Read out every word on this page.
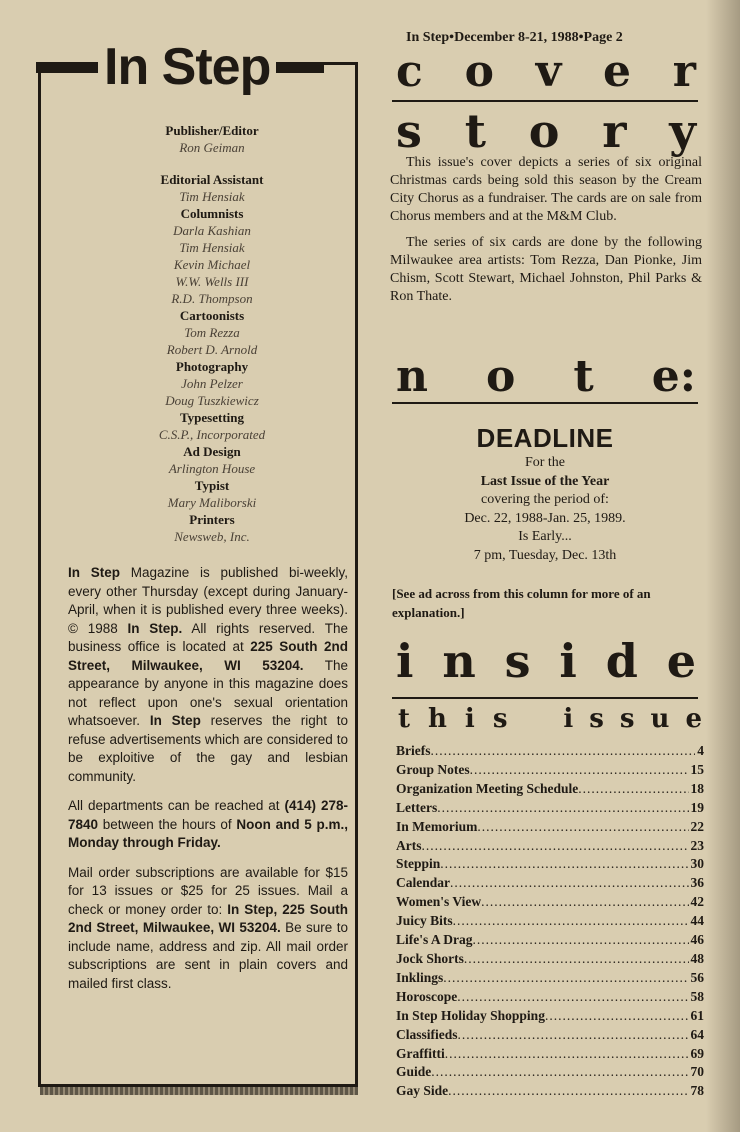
In Step
Publisher/Editor
Ron Geiman
Editorial Assistant
Tim Hensiak
Columnists
Darla Kashian
Tim Hensiak
Kevin Michael
W.W. Wells III
R.D. Thompson
Cartoonists
Tom Rezza
Robert D. Arnold
Photography
John Pelzer
Doug Tuszkiewicz
Typesetting
C.S.P., Incorporated
Ad Design
Arlington House
Typist
Mary Maliborski
Printers
Newsweb, Inc.

In Step Magazine is published bi-weekly, every other Thursday (except during January-April, when it is published every three weeks). © 1988 In Step. All rights reserved. The business office is located at 225 South 2nd Street, Milwaukee, WI 53204. The appearance by anyone in this magazine does not reflect upon one's sexual orientation whatsoever. In Step reserves the right to refuse advertisements which are considered to be exploitive of the gay and lesbian community.

All departments can be reached at (414) 278-7840 between the hours of Noon and 5 p.m., Monday through Friday.

Mail order subscriptions are available for $15 for 13 issues or $25 for 25 issues. Mail a check or money order to: In Step, 225 South 2nd Street, Milwaukee, WI 53204. Be sure to include name, address and zip. All mail order subscriptions are sent in plain covers and mailed first class.

In Step•December 8-21, 1988•Page 2
c o v e r
s t o r y

This issue's cover depicts a series of six original Christmas cards being sold this season by the Cream City Chorus as a fundraiser. The cards are on sale from Chorus members and at the M&M Club.

The series of six cards are done by the following Milwaukee area artists: Tom Rezza, Dan Pionke, Jim Chism, Scott Stewart, Michael Johnston, Phil Parks & Ron Thate.

n o t e:
DEADLINE
For the
Last Issue of the Year
covering the period of:
Dec. 22, 1988-Jan. 25, 1989.
Is Early...
7 pm, Tuesday, Dec. 13th
[See ad across from this column for more of an explanation.]
i n s i d e
t h i s i s s u e
Briefs .....	4
Group Notes .....	15
Organization Meeting Schedule .....	18
Letters .....	19
In Memorium .....	22
Arts .....	23
Steppin .....	30
Calendar .....	36
Women's View .....	42
Juicy Bits .....	44
Life's A Drag .....	46
Jock Shorts .....	48
Inklings .....	56
Horoscope .....	58
In Step Holiday Shopping .....	61
Classifieds .....	64
Graffitti .....	69
Guide .....	70
Gay Side .....	78
